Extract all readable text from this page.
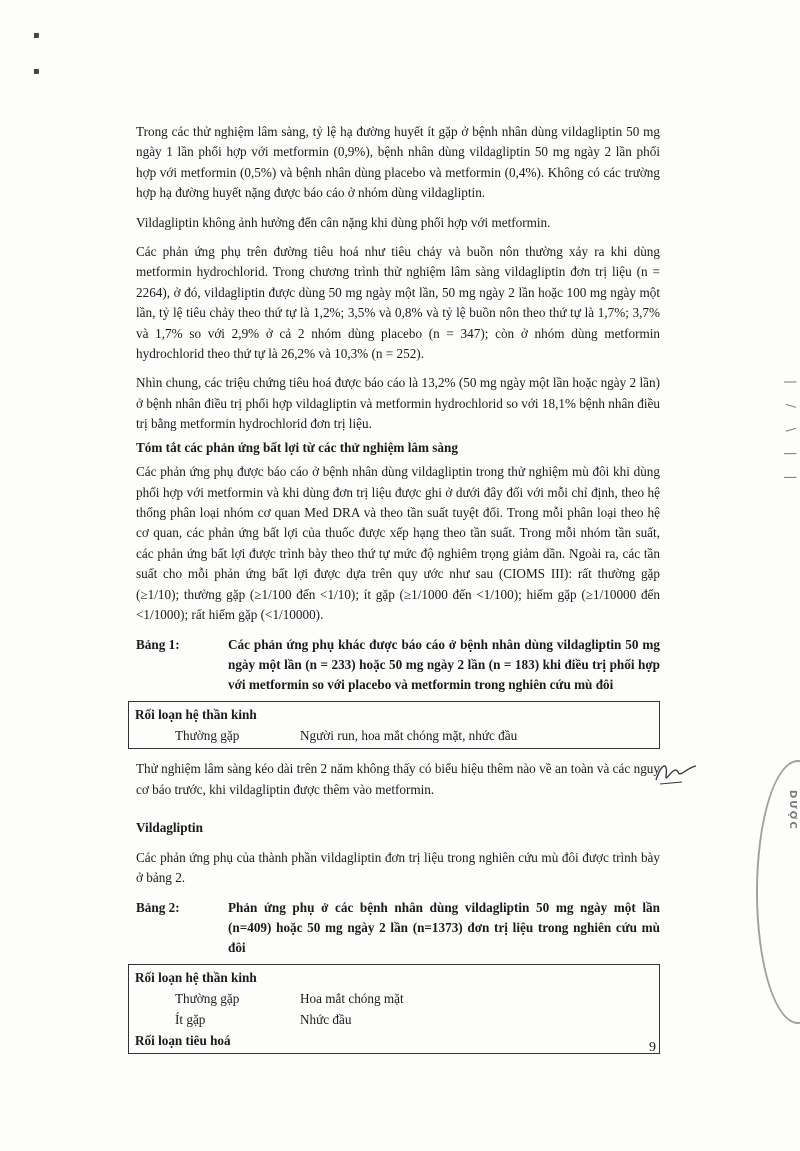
▪
▪

Trong các thử nghiệm lâm sàng, tỷ lệ hạ đường huyết ít gặp ở bệnh nhân dùng vildagliptin 50 mg ngày 1 lần phối hợp với metformin (0,9%), bệnh nhân dùng vildagliptin 50 mg ngày 2 lần phối hợp với metformin (0,5%) và bệnh nhân dùng placebo và metformin (0,4%). Không có các trường hợp hạ đường huyết nặng được báo cáo ở nhóm dùng vildagliptin.

Vildagliptin không ảnh hưởng đến cân nặng khi dùng phối hợp với metformin.

Các phản ứng phụ trên đường tiêu hoá như tiêu chảy và buồn nôn thường xảy ra khi dùng metformin hydrochlorid. Trong chương trình thử nghiệm lâm sàng vildagliptin đơn trị liệu (n = 2264), ở đó, vildagliptin được dùng 50 mg ngày một lần, 50 mg ngày 2 lần hoặc 100 mg ngày một lần, tỷ lệ tiêu chảy theo thứ tự là 1,2%; 3,5% và 0,8% và tỷ lệ buồn nôn theo thứ tự là 1,7%; 3,7% và 1,7% so với 2,9% ở cả 2 nhóm dùng placebo (n = 347); còn ở nhóm dùng metformin hydrochlorid theo thứ tự là 26,2% và 10,3% (n = 252).

Nhìn chung, các triệu chứng tiêu hoá được báo cáo là 13,2% (50 mg ngày một lần hoặc ngày 2 lần) ở bệnh nhân điều trị phối hợp vildagliptin và metformin hydrochlorid so với 18,1% bệnh nhân điều trị bằng metformin hydrochlorid đơn trị liệu.

Tóm tắt các phản ứng bất lợi từ các thử nghiệm lâm sàng

Các phản ứng phụ được báo cáo ở bệnh nhân dùng vildagliptin trong thử nghiệm mù đôi khi dùng phối hợp với metformin và khi dùng đơn trị liệu được ghi ở dưới đây đối với mỗi chỉ định, theo hệ thống phân loại nhóm cơ quan Med DRA và theo tần suất tuyệt đối. Trong mỗi phân loại theo hệ cơ quan, các phản ứng bất lợi của thuốc được xếp hạng theo tần suất. Trong mỗi nhóm tần suất, các phản ứng bất lợi được trình bày theo thứ tự mức độ nghiêm trọng giảm dần. Ngoài ra, các tần suất cho mỗi phản ứng bất lợi được dựa trên quy ước như sau (CIOMS III): rất thường gặp (≥1/10); thường gặp (≥1/100 đến <1/10); ít gặp (≥1/1000 đến <1/100); hiếm gặp (≥1/10000 đến <1/1000); rất hiếm gặp (<1/10000).

Bảng 1:	Các phản ứng phụ khác được báo cáo ở bệnh nhân dùng vildagliptin 50 mg ngày một lần (n = 233) hoặc 50 mg ngày 2 lần (n = 183) khi điều trị phối hợp với metformin so với placebo và metformin trong nghiên cứu mù đôi
Rối loạn hệ thần kinh
Thường gặp	Người run, hoa mắt chóng mặt, nhức đầu

Thử nghiệm lâm sàng kéo dài trên 2 năm không thấy có biểu hiệu thêm nào về an toàn và các nguy cơ báo trước, khi vildagliptin được thêm vào metformin.

Vildagliptin

Các phản ứng phụ của thành phần vildagliptin đơn trị liệu trong nghiên cứu mù đôi được trình bày ở bảng 2.

Bảng 2:	Phản ứng phụ ở các bệnh nhân dùng vildagliptin 50 mg ngày một lần (n=409) hoặc 50 mg ngày 2 lần (n=1373) đơn trị liệu trong nghiên cứu mù đôi
Rối loạn hệ thần kinh
Thường gặp	Hoa mắt chóng mặt
Ít gặp	Nhức đầu
Rối loạn tiêu hoá
| / \ | |
DƯỢC
9
